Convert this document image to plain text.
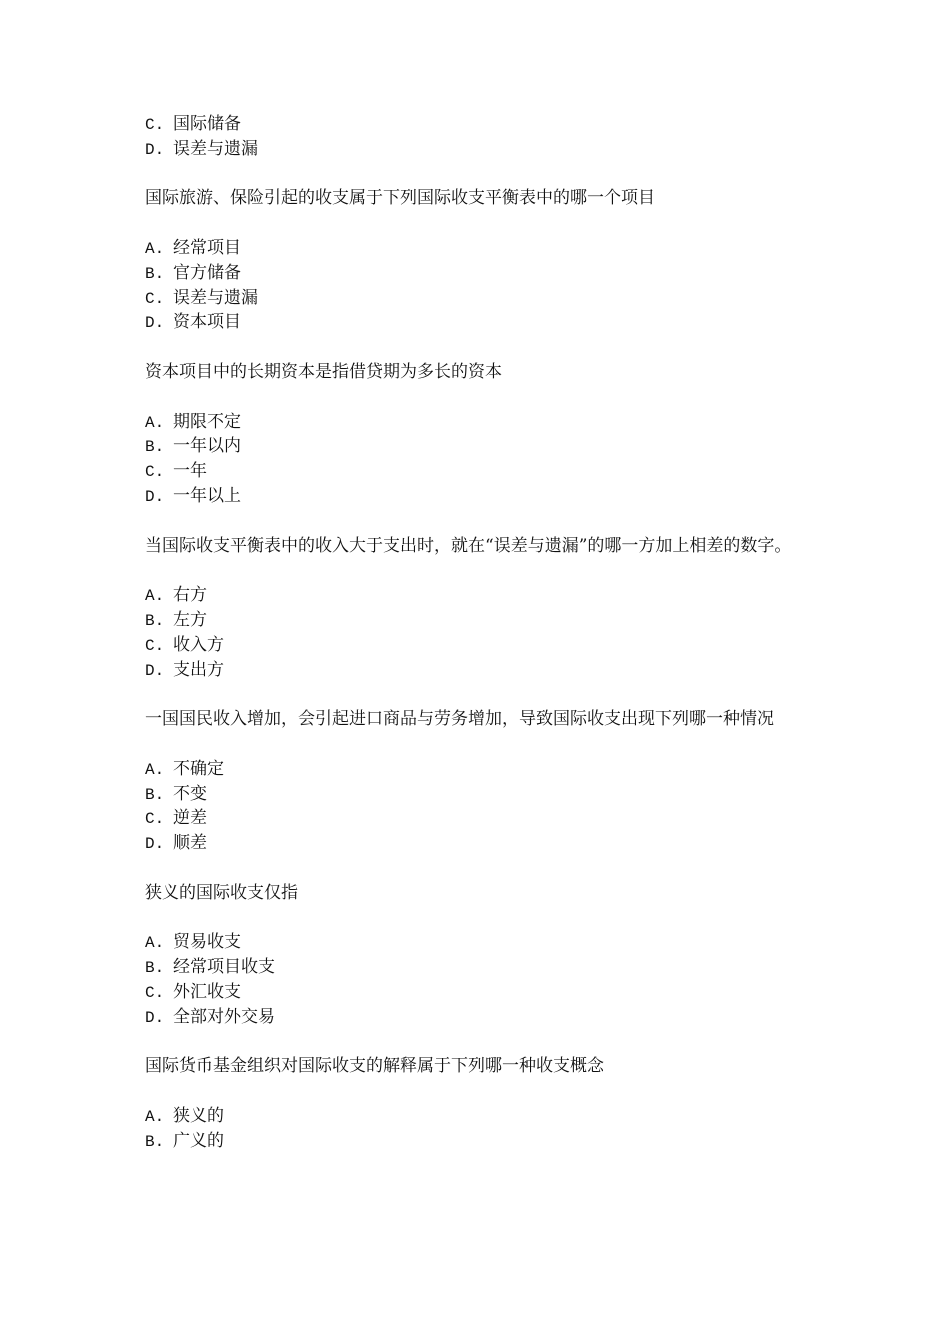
C. 国际储备
D. 误差与遗漏
国际旅游、保险引起的收支属于下列国际收支平衡表中的哪一个项目
A. 经常项目
B. 官方储备
C. 误差与遗漏
D. 资本项目
资本项目中的长期资本是指借贷期为多长的资本
A. 期限不定
B. 一年以内
C. 一年
D. 一年以上
当国际收支平衡表中的收入大于支出时，就在“误差与遗漏”的哪一方加上相差的数字。
A. 右方
B. 左方
C. 收入方
D. 支出方
一国国民收入增加，会引起进口商品与劳务增加，导致国际收支出现下列哪一种情况
A. 不确定
B. 不变
C. 逆差
D. 顺差
狭义的国际收支仅指
A. 贸易收支
B. 经常项目收支
C. 外汇收支
D. 全部对外交易
国际货币基金组织对国际收支的解释属于下列哪一种收支概念
A. 狭义的
B. 广义的
